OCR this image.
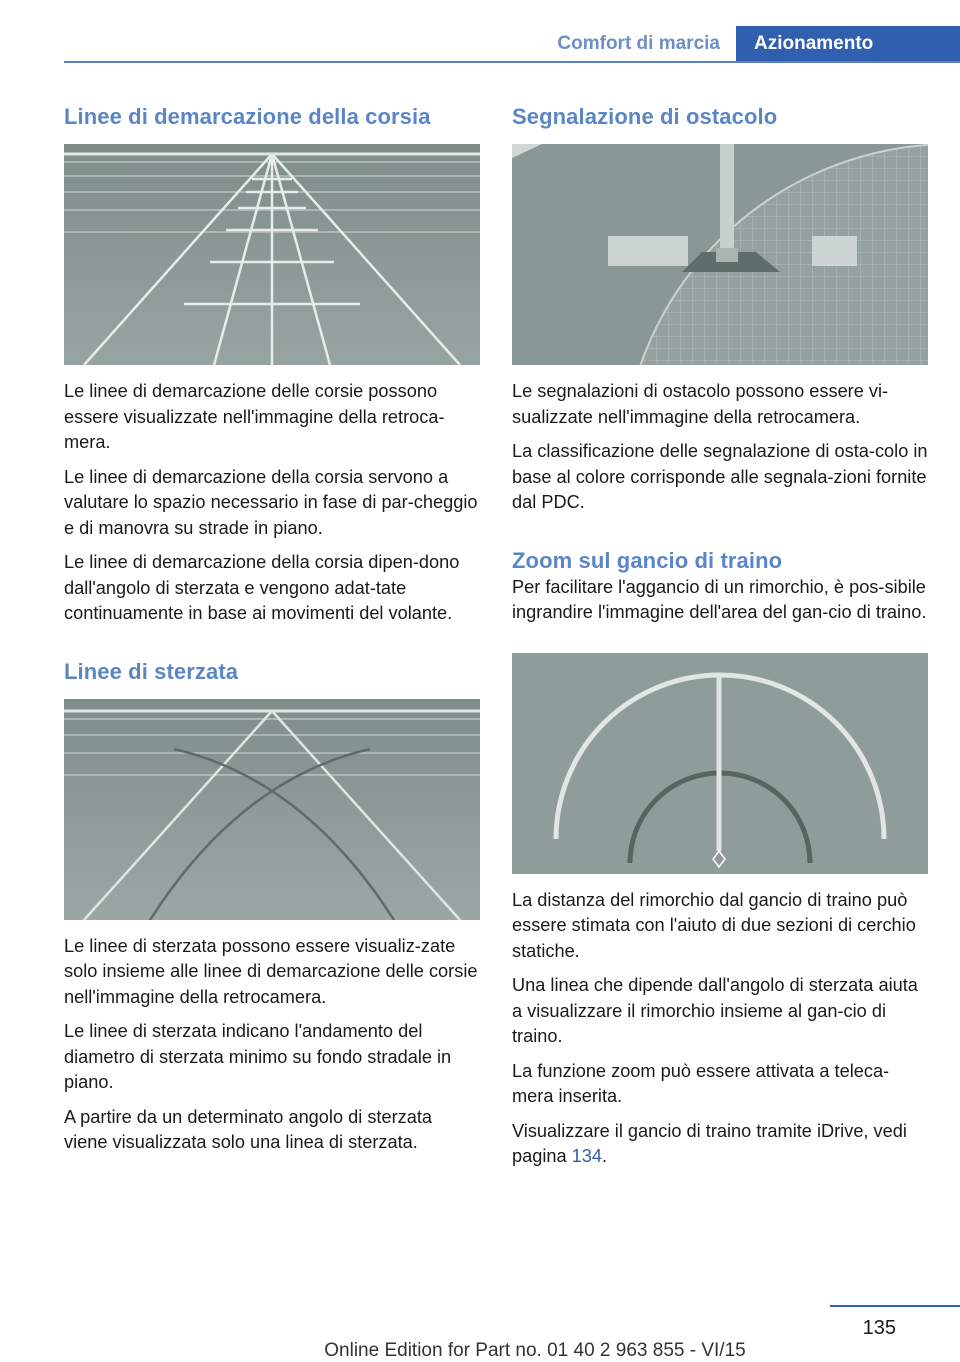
Comfort di marcia	Azionamento
Linee di demarcazione della corsia

Le linee di demarcazione delle corsie possono essere visualizzate nell'immagine della retroca-mera.

Le linee di demarcazione della corsia servono a valutare lo spazio necessario in fase di par-cheggio e di manovra su strade in piano.

Le linee di demarcazione della corsia dipen-dono dall'angolo di sterzata e vengono adat-tate continuamente in base ai movimenti del volante.

Linee di sterzata

Le linee di sterzata possono essere visualiz-zate solo insieme alle linee di demarcazione delle corsie nell'immagine della retrocamera.

Le linee di sterzata indicano l'andamento del diametro di sterzata minimo su fondo stradale in piano.

A partire da un determinato angolo di sterzata viene visualizzata solo una linea di sterzata.

Segnalazione di ostacolo

Le segnalazioni di ostacolo possono essere vi-sualizzate nell'immagine della retrocamera.

La classificazione delle segnalazione di osta-colo in base al colore corrisponde alle segnala-zioni fornite dal PDC.

Zoom sul gancio di traino

Per facilitare l'aggancio di un rimorchio, è pos-sibile ingrandire l'immagine dell'area del gan-cio di traino.

La distanza del rimorchio dal gancio di traino può essere stimata con l'aiuto di due sezioni di cerchio statiche.

Una linea che dipende dall'angolo di sterzata aiuta a visualizzare il rimorchio insieme al gan-cio di traino.

La funzione zoom può essere attivata a teleca-mera inserita.

Visualizzare il gancio di traino tramite iDrive, vedi pagina 134.

135
Online Edition for Part no. 01 40 2 963 855 - VI/15
